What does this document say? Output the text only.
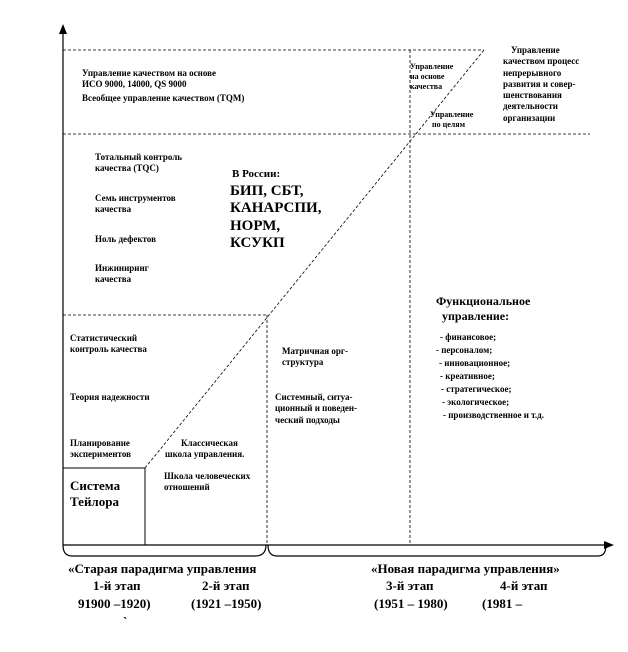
Управление
качеством процесс
непрерывного
развития и совер-
шенствования
деятельности
организации
Управление
на основе
качества
Управление
по целям
Управление качеством на основе
ИСО 9000, 14000, QS 9000
Всеобщее управление качеством (TQM)
Тотальный контроль
качества (TQC)
Семь инструментов
качества
Ноль дефектов
Инжиниринг
качества
В России:
БИП, СБТ,
КАНАРСПИ,
НОРМ,
КСУКП
Статистический
контроль качества
Теория надежности
Планирование
экспериментов
Классическая
школа управления.
Школа человеческих
отношений
Матричная орг-
структура
Системный, ситуа-
ционный и поведен-
ческий подходы
Функциональное
управление:
- финансовое;
- персоналом;
- инновационное;
- креативное;
- стратегическое;
- экологическое;
- производственное и т.д.
Система
Тейлора
«Старая парадигма управления	«Новая парадигма управления»
1-й этап	2-й этап	3-й этап	4-й этап
91900 –1920)	(1921 –1950)	(1951 – 1980)	(1981 –
`
